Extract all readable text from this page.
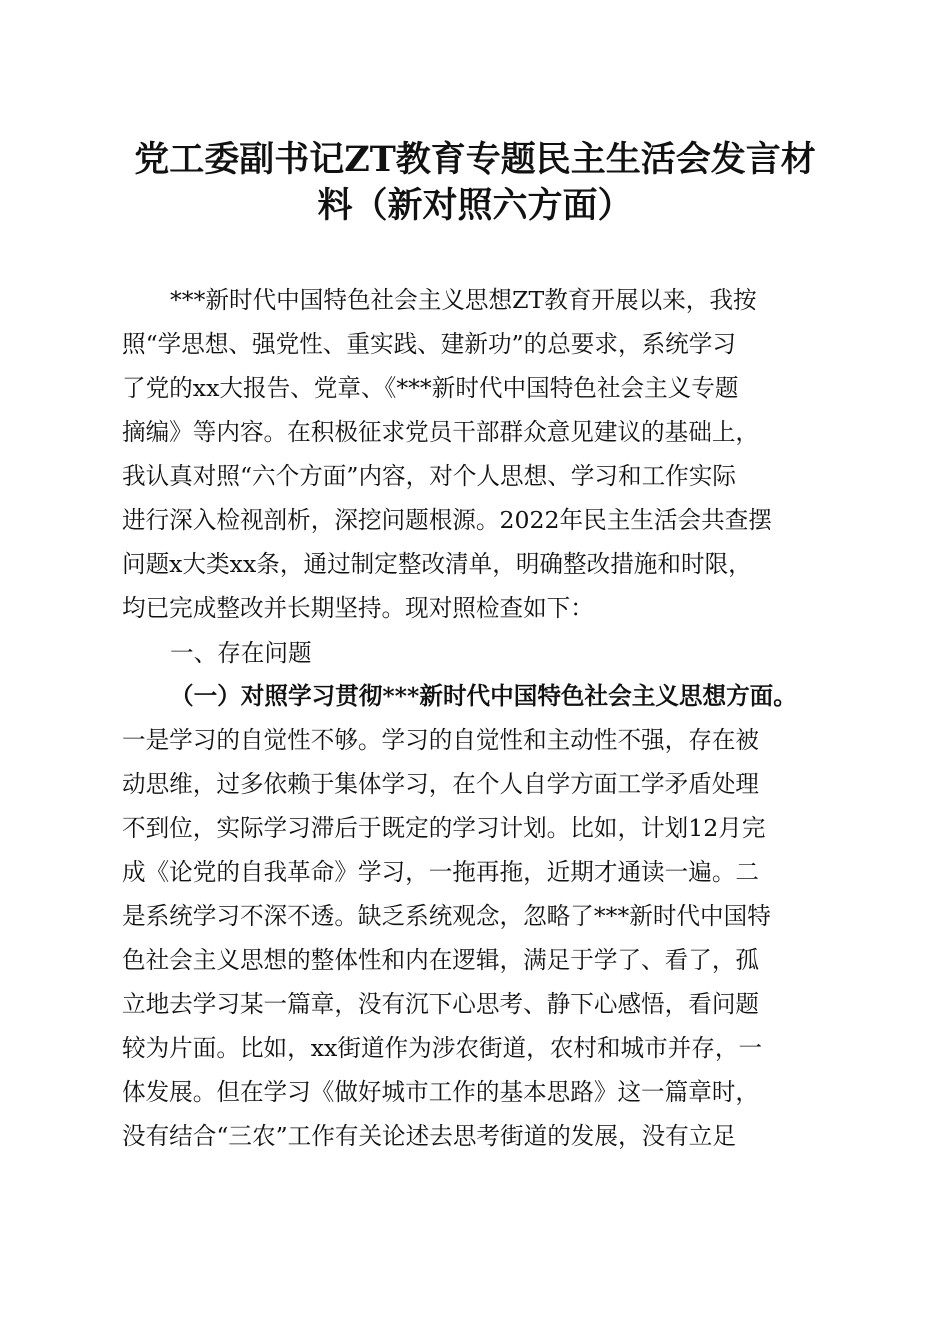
党工委副书记ZT教育专题民主生活会发言材
料（新对照六方面）

***新时代中国特色社会主义思想ZT教育开展以来，我按

照“学思想、强党性、重实践、建新功”的总要求，系统学习

了党的xx大报告、党章、《***新时代中国特色社会主义专题

摘编》等内容。在积极征求党员干部群众意见建议的基础上，

我认真对照“六个方面”内容，对个人思想、学习和工作实际

进行深入检视剖析，深挖问题根源。2022年民主生活会共查摆

问题x大类xx条，通过制定整改清单，明确整改措施和时限，

均已完成整改并长期坚持。现对照检查如下：

一、存在问题

（一）对照学习贯彻***新时代中国特色社会主义思想方面。

一是学习的自觉性不够。学习的自觉性和主动性不强，存在被

动思维，过多依赖于集体学习，在个人自学方面工学矛盾处理

不到位，实际学习滞后于既定的学习计划。比如，计划12月完

成《论党的自我革命》学习，一拖再拖，近期才通读一遍。二

是系统学习不深不透。缺乏系统观念，忽略了***新时代中国特

色社会主义思想的整体性和内在逻辑，满足于学了、看了，孤

立地去学习某一篇章，没有沉下心思考、静下心感悟，看问题

较为片面。比如，xx街道作为涉农街道，农村和城市并存，一

体发展。但在学习《做好城市工作的基本思路》这一篇章时，

没有结合“三农”工作有关论述去思考街道的发展，没有立足
